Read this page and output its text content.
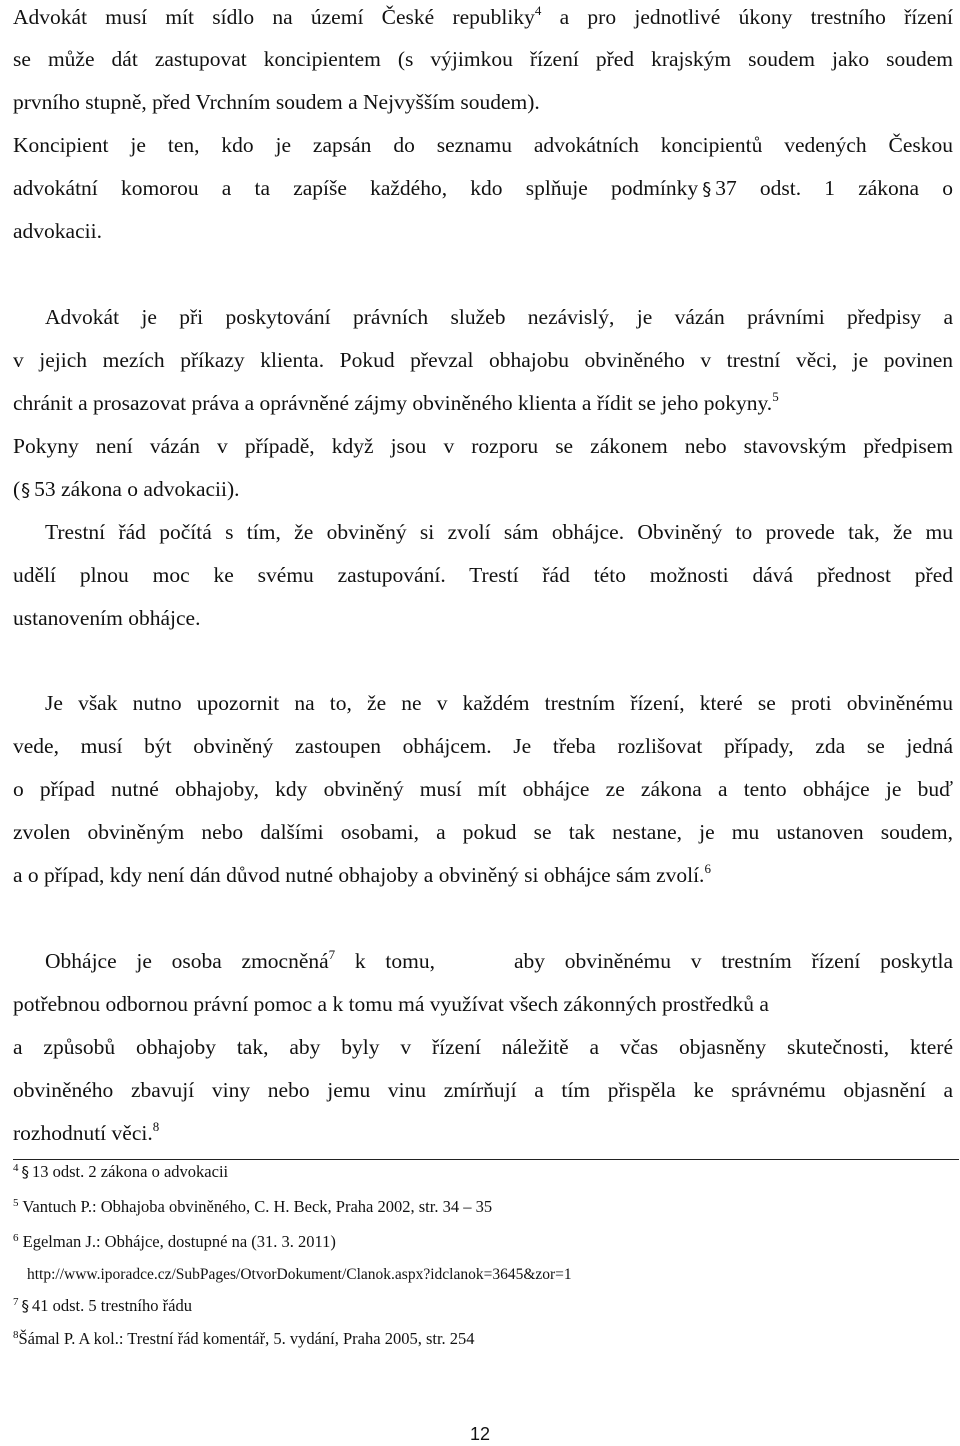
Advokát musí mít sídlo na území České republiky$^4$ a pro jednotlivé úkony trestního řízení
se může dát zastupovat koncipientem (s výjimkou řízení před krajským soudem jako soudem
prvního stupně, před Vrchním soudem a Nejvyšším soudem).
Koncipient je ten, kdo je zapsán do seznamu advokátních koncipientů vedených Českou
advokátní komorou a ta zapíše každého, kdo splňuje podmínky § 37 odst. 1 zákona o
advokacii.
Advokát je při poskytování právních služeb nezávislý, je vázán právními předpisy a
v jejich mezích příkazy klienta. Pokud převzal obhajobu obviněného v trestní věci, je povinen
chránit a prosazovat práva a oprávněné zájmy obviněného klienta a řídit se jeho pokyny.$^5$
Pokyny není vázán v případě, když jsou v rozporu se zákonem nebo stavovským předpisem
(§ 53 zákona o advokacii).
Trestní řád počítá s tím, že obviněný si zvolí sám obhájce. Obviněný to provede tak, že mu
udělí plnou moc ke svému zastupování. Trestí řád této možnosti dává přednost před
ustanovením obhájce.
Je však nutno upozornit na to, že ne v každém trestním řízení, které se proti obviněnému
vede, musí být obviněný zastoupen obhájcem. Je třeba rozlišovat případy, zda se jedná
o případ nutné obhajoby, kdy obviněný musí mít obhájce ze zákona a tento obhájce je buď
zvolen obviněným nebo dalšími osobami, a pokud se tak nestane, je mu ustanoven soudem,
a o případ, kdy není dán důvod nutné obhajoby a obviněný si obhájce sám zvolí.$^6$
Obhájce je osoba zmocněná$^7$ k tomu,    aby obviněnému v trestním řízení poskytla
potřebnou odbornou právní pomoc a k tomu má využívat všech zákonných prostředků a
a způsobů obhajoby tak, aby byly v řízení náležitě a včas objasněny skutečnosti, které
obviněného zbavují viny nebo jemu vinu zmírňují a tím přispěla ke správnému objasnění a
rozhodnutí věci.$^8$
$^4$ § 13 odst. 2 zákona o advokacii
$^5$ Vantuch P.: Obhajoba obviněného, C. H. Beck, Praha 2002, str. 34 – 35
$^6$ Egelman J.: Obhájce, dostupné na (31. 3. 2011)
http://www.iporadce.cz/SubPages/OtvorDokument/Clanok.aspx?idclanok=3645&zor=1
$^7$ § 41 odst. 5 trestního řádu
$^8$Šámal P. A kol.: Trestní řád komentář, 5. vydání, Praha 2005, str. 254
12
